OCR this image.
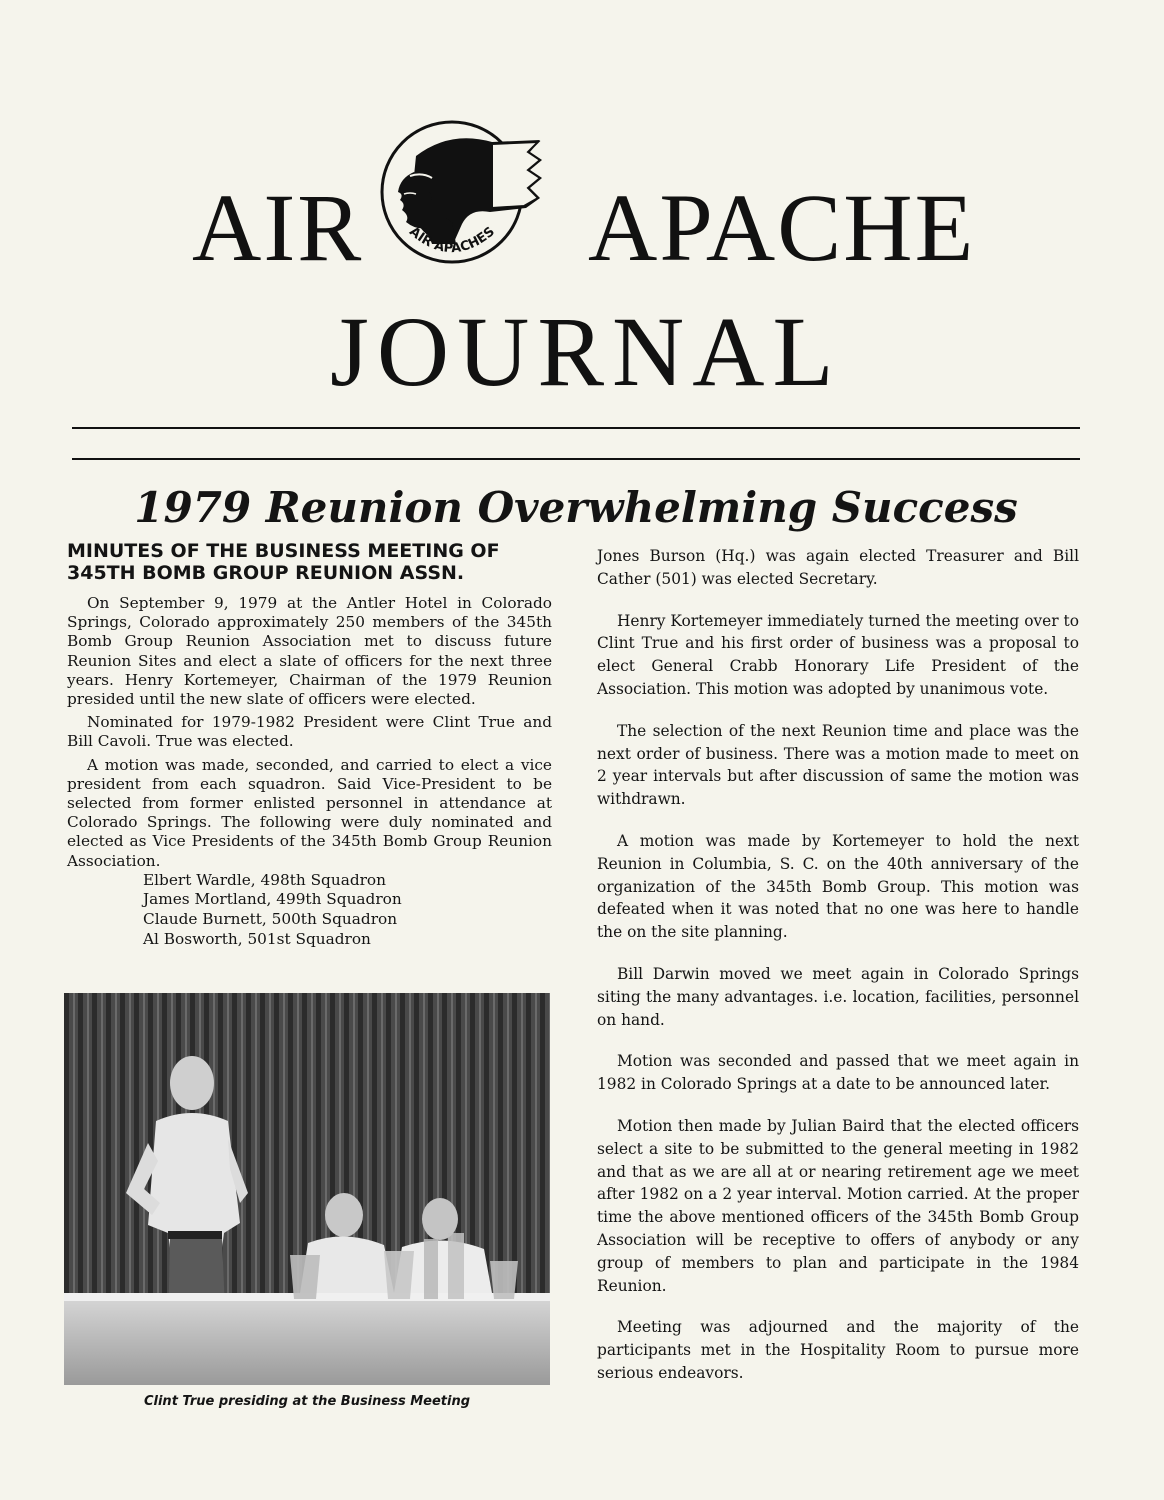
AIR	AIR APACHES APACHE
JOURNAL
1979 Reunion Overwhelming Success
MINUTES OF THE BUSINESS MEETING OF
345TH BOMB GROUP REUNION ASSN.

On September 9, 1979 at the Antler Hotel in Colorado Springs, Colorado approximately 250 members of the 345th Bomb Group Reunion Association met to discuss future Reunion Sites and elect a slate of officers for the next three years. Henry Kortemeyer, Chairman of the 1979 Reunion presided until the new slate of officers were elected.

Nominated for 1979-1982 President were Clint True and Bill Cavoli. True was elected.

A motion was made, seconded, and carried to elect a vice president from each squadron. Said Vice-President to be selected from former enlisted personnel in attendance at Colorado Springs. The following were duly nominated and elected as Vice Presidents of the 345th Bomb Group Reunion Association.

Elbert Wardle, 498th Squadron
James Mortland, 499th Squadron
Claude Burnett, 500th Squadron
Al Bosworth, 501st Squadron
Clint True presiding at the Business Meeting

Jones Burson (Hq.) was again elected Treasurer and Bill Cather (501) was elected Secretary.

Henry Kortemeyer immediately turned the meeting over to Clint True and his first order of business was a proposal to elect General Crabb Honorary Life President of the Association. This motion was adopted by unanimous vote.

The selection of the next Reunion time and place was the next order of business. There was a motion made to meet on 2 year intervals but after discussion of same the motion was withdrawn.

A motion was made by Kortemeyer to hold the next Reunion in Columbia, S. C. on the 40th anniversary of the organization of the 345th Bomb Group. This motion was defeated when it was noted that no one was here to handle the on the site planning.

Bill Darwin moved we meet again in Colorado Springs siting the many advantages. i.e. location, facilities, personnel on hand.

Motion was seconded and passed that we meet again in 1982 in Colorado Springs at a date to be announced later.

Motion then made by Julian Baird that the elected officers select a site to be submitted to the general meeting in 1982 and that as we are all at or nearing retirement age we meet after 1982 on a 2 year interval. Motion carried. At the proper time the above mentioned officers of the 345th Bomb Group Association will be receptive to offers of anybody or any group of members to plan and participate in the 1984 Reunion.

Meeting was adjourned and the majority of the participants met in the Hospitality Room to pursue more serious endeavors.
